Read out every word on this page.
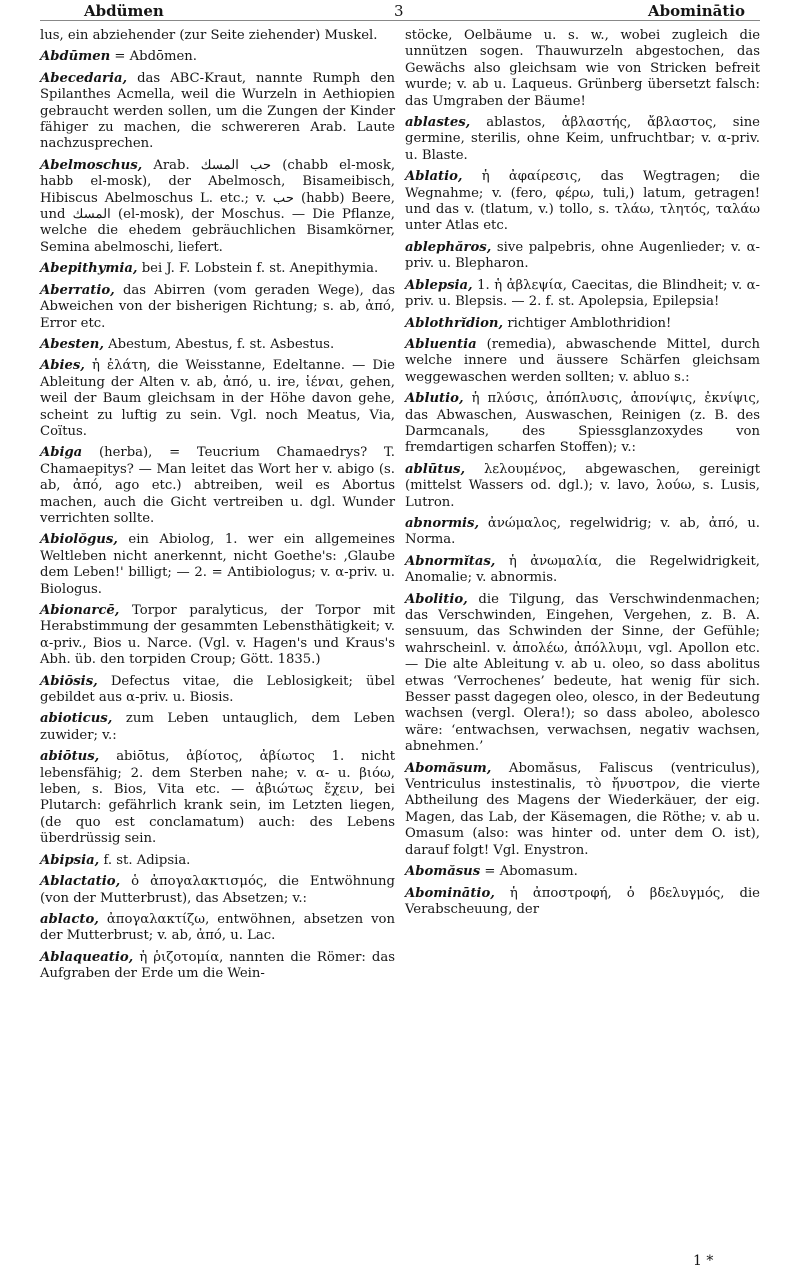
Abdümen	3	Abominātio

lus, ein abziehender (zur Seite ziehender) Muskel.

Abdūmen = Abdōmen.

Abecedaria, das ABC-Kraut, nannte Rumph den Spilanthes Acmella, weil die Wurzeln in Aethiopien gebraucht werden sollen, um die Zungen der Kinder fähiger zu machen, die schwereren Arab. Laute nachzusprechen.

Abelmoschus, Arab. حب المسك (chabb el-mosk, habb el-mosk), der Abelmosch, Bisameibisch, Hibiscus Abelmoschus L. etc.; v. حب (habb) Beere, und المسك (el-mosk), der Moschus. — Die Pflanze, welche die ehedem gebräuchlichen Bisamkörner, Semina abelmoschi, liefert.

Abepithymia, bei J. F. Lobstein f. st. Anepithymia.

Aberratio, das Abirren (vom geraden Wege), das Abweichen von der bisherigen Richtung; s. ab, ἀπό, Error etc.

Abesten, Abestum, Abestus, f. st. Asbestus.

Abies, ἡ ἐλάτη, die Weisstanne, Edeltanne. — Die Ableitung der Alten v. ab, ἀπό, u. ire, ἰέναι, gehen, weil der Baum gleichsam in der Höhe davon gehe, scheint zu luftig zu sein. Vgl. noch Meatus, Via, Coïtus.

Abiga (herba), = Teucrium Chamaedrys? T. Chamaepitys? — Man leitet das Wort her v. abigo (s. ab, ἀπό, ago etc.) abtreiben, weil es Abortus machen, auch die Gicht vertreiben u. dgl. Wunder verrichten sollte.

Abiolŏgus, ein Abiolog, 1. wer ein allgemeines Weltleben nicht anerkennt, nicht Goethe's: ‚Glaube dem Leben!' billigt; — 2. = Antibiologus; v. α-priv. u. Biologus.

Abionarcē, Torpor paralyticus, der Torpor mit Herabstimmung der gesammten Lebensthätigkeit; v. α-priv., Bios u. Narce. (Vgl. v. Hagen's und Kraus's Abh. üb. den torpiden Croup; Gött. 1835.)

Abiōsis, Defectus vitae, die Leblosigkeit; übel gebildet aus α-priv. u. Biosis.

abioticus, zum Leben untauglich, dem Leben zuwider; v.:

abiōtus, abiōtus, ἀβίοτος, ἀβίωτος 1. nicht lebensfähig; 2. dem Sterben nahe; v. α- u. βιόω, leben, s. Bios, Vita etc. — ἀβιώτως ἔχειν, bei Plutarch: gefährlich krank sein, im Letzten liegen, (de quo est conclamatum) auch: des Lebens überdrüssig sein.

Abipsia, f. st. Adipsia.

Ablactatio, ὁ ἀπογαλακτισμός, die Entwöhnung (von der Mutterbrust), das Absetzen; v.:

ablacto, ἀπογαλακτίζω, entwöhnen, absetzen von der Mutterbrust; v. ab, ἀπό, u. Lac.

Ablaqueatio, ἡ ῥιζοτομία, nannten die Römer: das Aufgraben der Erde um die Wein-

stöcke, Oelbäume u. s. w., wobei zugleich die unnützen sogen. Thauwurzeln abgestochen, das Gewächs also gleichsam wie von Stricken befreit wurde; v. ab u. Laqueus. Grünberg übersetzt falsch: das Umgraben der Bäume!

ablastes, ablastos, ἀβλαστής, ἄβλαστος, sine germine, sterilis, ohne Keim, unfruchtbar; v. α-priv. u. Blaste.

Ablatio, ἡ ἀφαίρεσις, das Wegtragen; die Wegnahme; v. (fero, φέρω, tuli,) latum, getragen! und das v. (tlatum, v.) tollo, s. τλάω, τλητός, ταλάω unter Atlas etc.

ablephăros, sive palpebris, ohne Augenlieder; v. α-priv. u. Blepharon.

Ablepsia, 1. ἡ ἀβλεψία, Caecitas, die Blindheit; v. α-priv. u. Blepsis. — 2. f. st. Apolepsia, Epilepsia!

Ablothrĭdion, richtiger Amblothridion!

Abluentia (remedia), abwaschende Mittel, durch welche innere und äussere Schärfen gleichsam weggewaschen werden sollten; v. abluo s.:

Ablutio, ἡ πλύσις, ἀπόπλυσις, ἀπονίψις, ἐκνίψις, das Abwaschen, Auswaschen, Reinigen (z. B. des Darmcanals, des Spiessglanzoxydes von fremdartigen scharfen Stoffen); v.:

ablūtus, λελουμένος, abgewaschen, gereinigt (mittelst Wassers od. dgl.); v. lavo, λούω, s. Lusis, Lutron.

abnormis, ἀνώμαλος, regelwidrig; v. ab, ἀπό, u. Norma.

Abnormĭtas, ἡ ἀνωμαλία, die Regelwidrigkeit, Anomalie; v. abnormis.

Abolitio, die Tilgung, das Verschwindenmachen; das Verschwinden, Eingehen, Vergehen, z. B. A. sensuum, das Schwinden der Sinne, der Gefühle; wahrscheinl. v. ἀπολέω, ἀπόλλυμι, vgl. Apollon etc. — Die alte Ableitung v. ab u. oleo, so dass abolitus etwas ‘Verrochenes’ bedeute, hat wenig für sich. Besser passt dagegen oleo, olesco, in der Bedeutung wachsen (vergl. Olera!); so dass aboleo, abolesco wäre: ‘entwachsen, verwachsen, negativ wachsen, abnehmen.’

Abomăsum, Abomăsus, Faliscus (ventriculus), Ventriculus instestinalis, τὸ ἤνυστρον, die vierte Abtheilung des Magens der Wiederkäuer, der eig. Magen, das Lab, der Käsemagen, die Röthe; v. ab u. Omasum (also: was hinter od. unter dem O. ist), darauf folgt! Vgl. Enystron.

Abomăsus = Abomasum.

Abominātio, ἡ ἀποστροφή, ὁ βδελυγμός, die Verabscheuung, der

1 *
